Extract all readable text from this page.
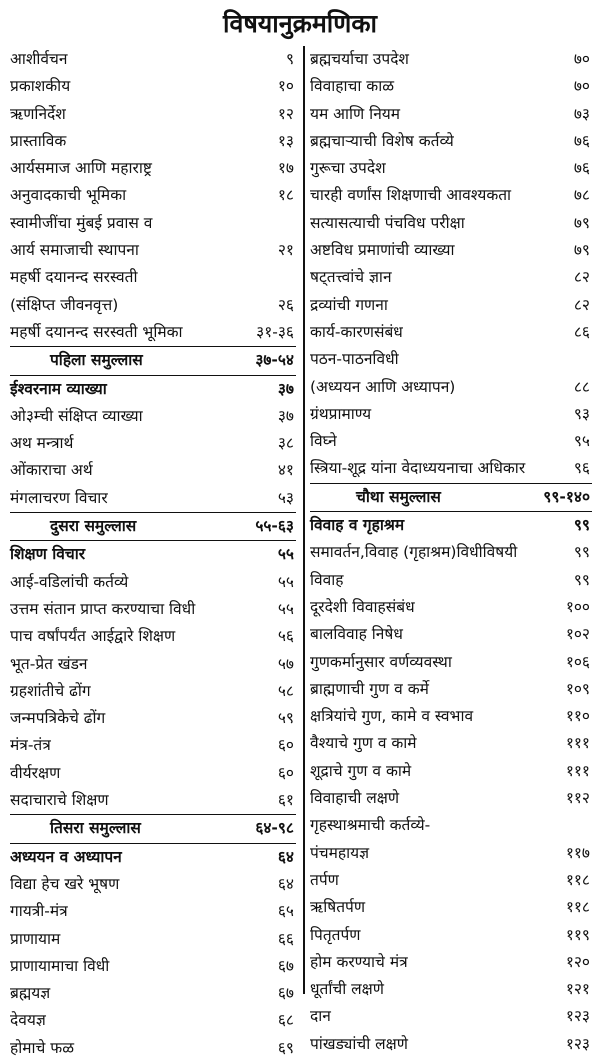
विषयानुक्रमणिका
आशीर्वचन	९
प्रकाशकीय	१०
ऋणनिर्देश	१२
प्रास्ताविक	१३
आर्यसमाज आणि महाराष्ट्र	१७
अनुवादकाची भूमिका	१८
स्वामीजींचा मुंबई प्रवास व
आर्य समाजाची स्थापना	२१
महर्षी दयानन्द सरस्वती
(संक्षिप्त जीवनवृत्त)	२६
महर्षी दयानन्द सरस्वती भूमिका	३१-३६
पहिला समुल्लास	३७-५४
ईश्वरनाम व्याख्या	३७
ओ३म्ची संक्षिप्त व्याख्या	३७
अथ मन्त्रार्थ	३८
ओंकाराचा अर्थ	४१
मंगलाचरण विचार	५३
दुसरा समुल्लास	५५-६३
शिक्षण विचार	५५
आई-वडिलांची कर्तव्ये	५५
उत्तम संतान प्राप्त करण्याचा विधी	५५
पाच वर्षांपर्यंत आईद्वारे शिक्षण	५६
भूत-प्रेत खंडन	५७
ग्रहशांतीचे ढोंग	५८
जन्मपत्रिकेचे ढोंग	५९
मंत्र-तंत्र	६०
वीर्यरक्षण	६०
सदाचाराचे शिक्षण	६१
तिसरा समुल्लास	६४-९८
अध्ययन व अध्यापन	६४
विद्या हेच खरे भूषण	६४
गायत्री-मंत्र	६५
प्राणायाम	६६
प्राणायामाचा विधी	६७
ब्रह्मयज्ञ	६७
देवयज्ञ	६८
होमाचे फळ	६९
ब्रह्मचर्याचा उपदेश	७०
विवाहाचा काळ	७०
यम आणि नियम	७३
ब्रह्मचाऱ्याची विशेष कर्तव्ये	७६
गुरूचा उपदेश	७६
चारही वर्णांस शिक्षणाची आवश्यकता	७८
सत्यासत्याची पंचविध परीक्षा	७९
अष्टविध प्रमाणांची व्याख्या	७९
षट्तत्त्वांचे ज्ञान	८२
द्रव्यांची गणना	८२
कार्य-कारणसंबंध	८६
पठन-पाठनविधी
(अध्ययन आणि अध्यापन)	८८
ग्रंथप्रामाण्य	९३
विघ्ने	९५
स्त्रिया-शूद्र यांना वेदाध्ययनाचा अधिकार	९६
चौथा समुल्लास	९९-१४०
विवाह व गृहाश्रम	९९
समावर्तन,विवाह (गृहाश्रम)विधीविषयी	९९
विवाह	९९
दूरदेशी विवाहसंबंध	१००
बालविवाह निषेध	१०२
गुणकर्मानुसार वर्णव्यवस्था	१०६
ब्राह्मणाची गुण व कर्मे	१०९
क्षत्रियांचे गुण, कामे व स्वभाव	११०
वैश्याचे गुण व कामे	१११
शूद्राचे गुण व कामे	१११
विवाहाची लक्षणे	११२
गृहस्थाश्रमाची कर्तव्ये-
पंचमहायज्ञ	११७
तर्पण	११८
ऋषितर्पण	११८
पितृतर्पण	११९
होम करण्याचे मंत्र	१२०
धूर्तांची लक्षणे	१२१
दान	१२३
पांखड्यांची लक्षणे	१२३
